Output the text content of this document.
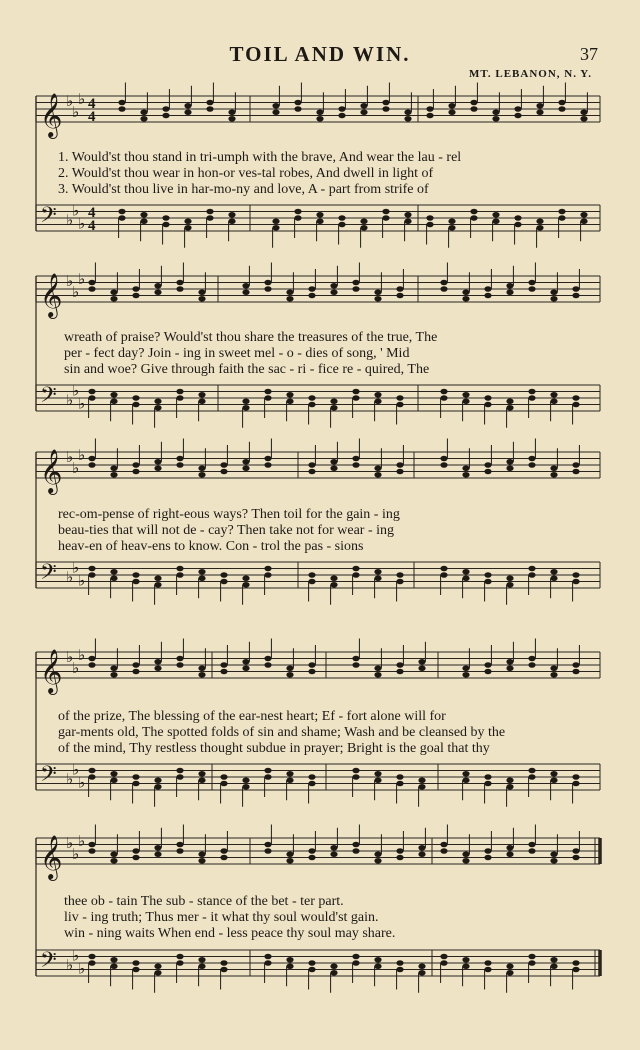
TOIL AND WIN.	37
MT. LEBANON, N. Y.
𝄞 ♭
♭
♭ 4
4
𝄢 ♭
♭
♭
4
4
𝄞 ♭
♭
♭
𝄢 ♭
♭
♭
𝄞 ♭
♭
♭
𝄢 ♭
♭
♭
𝄞 ♭
♭
♭
𝄢 ♭
♭
♭
𝄞 ♭
♭
♭
𝄢 ♭
♭
♭
1. Would'st thou stand in tri-umph with the brave, And wear the lau - rel
2. Would'st thou wear in hon-or ves-tal robes, And dwell in light of
3. Would'st thou live in har-mo-ny and love, A - part from strife of
wreath of praise? Would'st thou share the treasures of the true, The
per - fect day? Join - ing in sweet mel - o - dies of song, ' Mid
sin and woe? Give through faith the sac - ri - fice re - quired, The
rec-om-pense of right-eous ways? Then toil for the gain - ing
beau-ties that will not de - cay? Then take not for wear - ing
heav-en of heav-ens to know. Con - trol the pas - sions
of the prize, The blessing of the ear-nest heart; Ef - fort alone will for
gar-ments old, The spotted folds of sin and shame; Wash and be cleansed by the
of the mind, Thy restless thought subdue in prayer; Bright is the goal that thy
thee ob - tain The sub - stance of the bet - ter part.
liv - ing truth; Thus mer - it what thy soul would'st gain.
win - ning waits When end - less peace thy soul may share.
